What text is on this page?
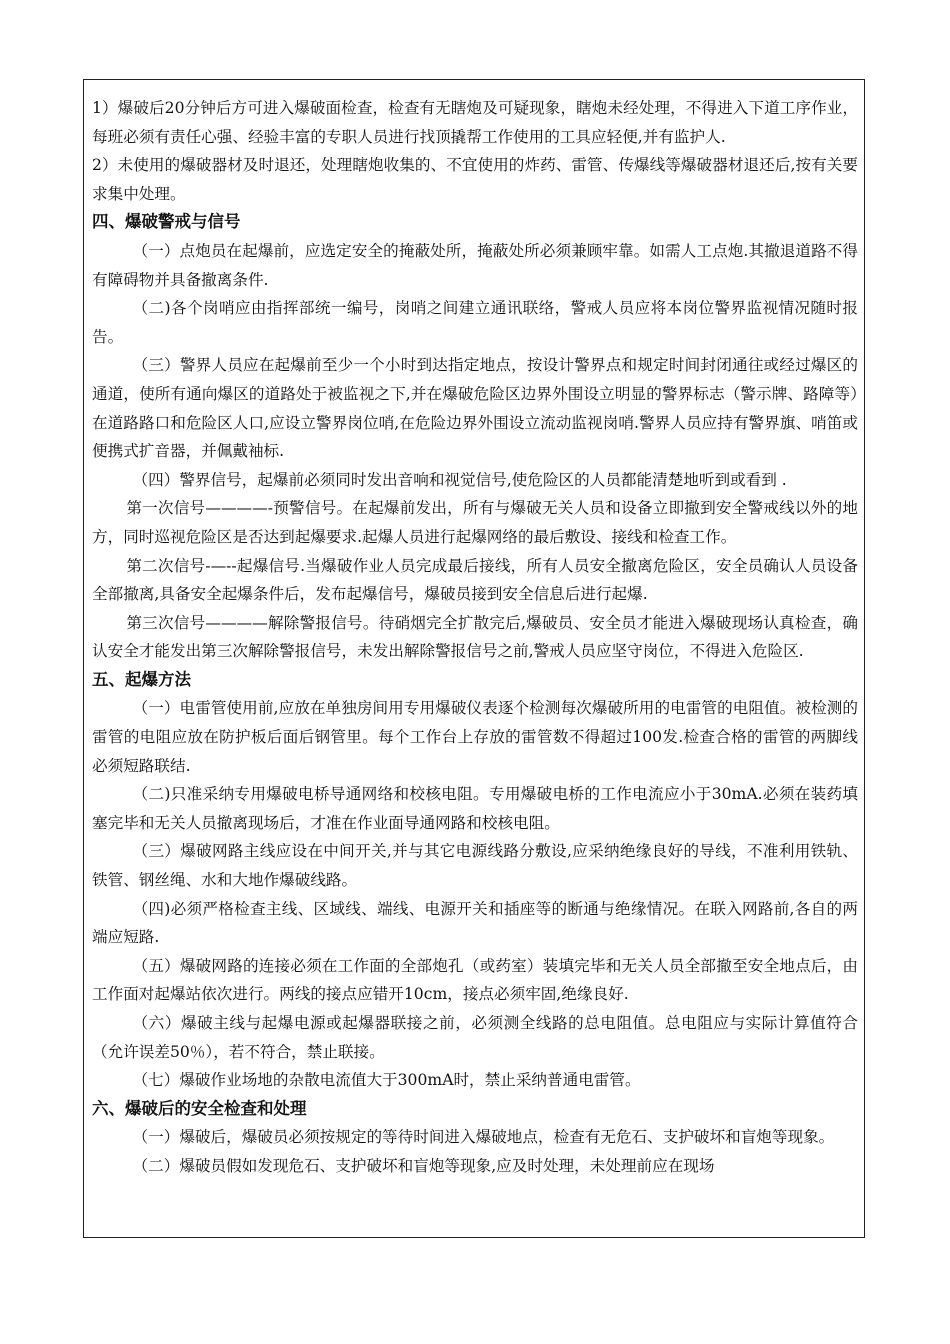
1）爆破后20分钟后方可进入爆破面检查，检查有无瞎炮及可疑现象，瞎炮未经处理，不得进入下道工序作业，每班必须有责任心强、经验丰富的专职人员进行找顶撬帮工作使用的工具应轻便,并有监护人.

2）未使用的爆破器材及时退还，处理瞎炮收集的、不宜使用的炸药、雷管、传爆线等爆破器材退还后,按有关要求集中处理。

四、爆破警戒与信号

（一）点炮员在起爆前，应选定安全的掩蔽处所，掩蔽处所必须兼顾牢靠。如需人工点炮.其撤退道路不得有障碍物并具备撤离条件.

（二)各个岗哨应由指挥部统一编号，岗哨之间建立通讯联络，警戒人员应将本岗位警界监视情况随时报告。

（三）警界人员应在起爆前至少一个小时到达指定地点，按设计警界点和规定时间封闭通往或经过爆区的通道，使所有通向爆区的道路处于被监视之下,并在爆破危险区边界外围设立明显的警界标志（警示牌、路障等）在道路路口和危险区人口,应设立警界岗位哨,在危险边界外围设立流动监视岗哨.警界人员应持有警界旗、哨笛或便携式扩音器，并佩戴袖标.

（四）警界信号，起爆前必须同时发出音响和视觉信号,使危险区的人员都能清楚地听到或看到 .

第一次信号————-预警信号。在起爆前发出，所有与爆破无关人员和设备立即撤到安全警戒线以外的地方，同时巡视危险区是否达到起爆要求.起爆人员进行起爆网络的最后敷设、接线和检查工作。

第二次信号-—--起爆信号.当爆破作业人员完成最后接线，所有人员安全撤离危险区，安全员确认人员设备全部撤离,具备安全起爆条件后，发布起爆信号，爆破员接到安全信息后进行起爆.

第三次信号————解除警报信号。待硝烟完全扩散完后,爆破员、安全员才能进入爆破现场认真检查，确认安全才能发出第三次解除警报信号，未发出解除警报信号之前,警戒人员应坚守岗位，不得进入危险区.

五、起爆方法

（一）电雷管使用前,应放在单独房间用专用爆破仪表逐个检测每次爆破所用的电雷管的电阻值。被检测的雷管的电阻应放在防护板后面后钢管里。每个工作台上存放的雷管数不得超过100发.检查合格的雷管的两脚线必须短路联结.

（二)只准采纳专用爆破电桥导通网络和校核电阻。专用爆破电桥的工作电流应小于30mA.必须在装药填塞完毕和无关人员撤离现场后，才准在作业面导通网路和校核电阻。

（三）爆破网路主线应设在中间开关,并与其它电源线路分敷设,应采纳绝缘良好的导线，不准利用铁轨、铁管、钢丝绳、水和大地作爆破线路。

（四)必须严格检查主线、区域线、端线、电源开关和插座等的断通与绝缘情况。在联入网路前,各自的两端应短路.

（五）爆破网路的连接必须在工作面的全部炮孔（或药室）装填完毕和无关人员全部撤至安全地点后，由工作面对起爆站依次进行。两线的接点应错开10cm，接点必须牢固,绝缘良好.

（六）爆破主线与起爆电源或起爆器联接之前，必须测全线路的总电阻值。总电阻应与实际计算值符合（允许误差50％），若不符合，禁止联接。

（七）爆破作业场地的杂散电流值大于300mA时，禁止采纳普通电雷管。

六、爆破后的安全检查和处理

（一）爆破后，爆破员必须按规定的等待时间进入爆破地点，检查有无危石、支护破坏和盲炮等现象。

（二）爆破员假如发现危石、支护破坏和盲炮等现象,应及时处理，未处理前应在现场
